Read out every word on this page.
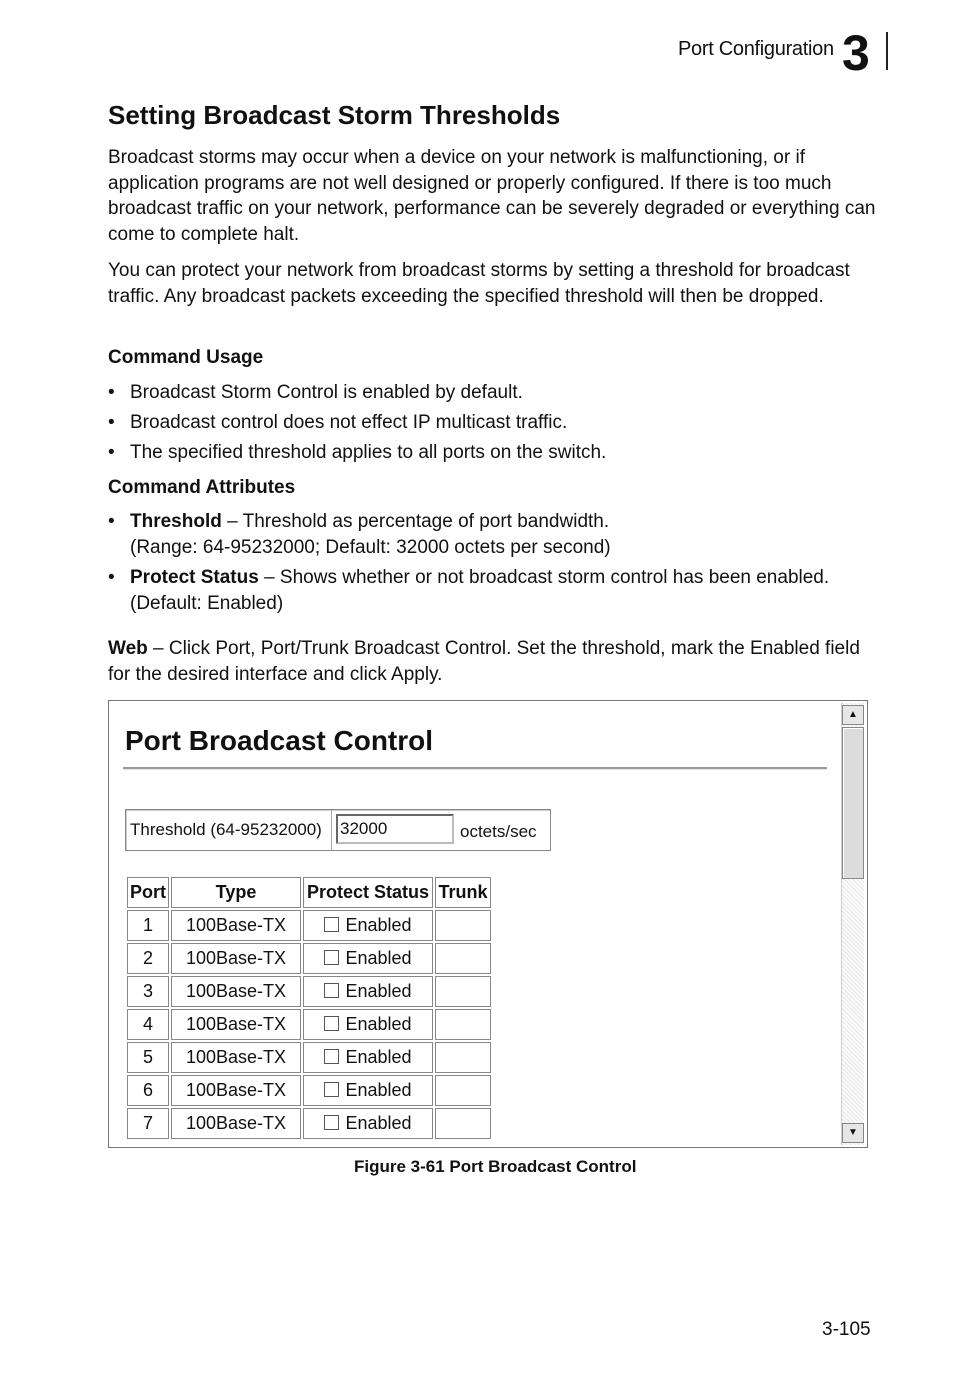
Port Configuration 3
Setting Broadcast Storm Thresholds

Broadcast storms may occur when a device on your network is malfunctioning, or if application programs are not well designed or properly configured. If there is too much broadcast traffic on your network, performance can be severely degraded or everything can come to complete halt.

You can protect your network from broadcast storms by setting a threshold for broadcast traffic. Any broadcast packets exceeding the specified threshold will then be dropped.

Command Usage

• Broadcast Storm Control is enabled by default.
• Broadcast control does not effect IP multicast traffic.
• The specified threshold applies to all ports on the switch.

Command Attributes

• Threshold – Threshold as percentage of port bandwidth.
(Range: 64-95232000; Default: 32000 octets per second)
• Protect Status – Shows whether or not broadcast storm control has been enabled.
(Default: Enabled)

Web – Click Port, Port/Trunk Broadcast Control. Set the threshold, mark the Enabled field for the desired interface and click Apply.

Port Broadcast Control
Threshold (64-95232000) 32000	octets/sec
Port	Type	Protect Status	Trunk
1	100Base-TX	Enabled	
2	100Base-TX	Enabled	
3	100Base-TX	Enabled	
4	100Base-TX	Enabled	
5	100Base-TX	Enabled	
6	100Base-TX	Enabled	
7	100Base-TX	Enabled	
▲
▼
Figure 3-61 Port Broadcast Control
3-105
